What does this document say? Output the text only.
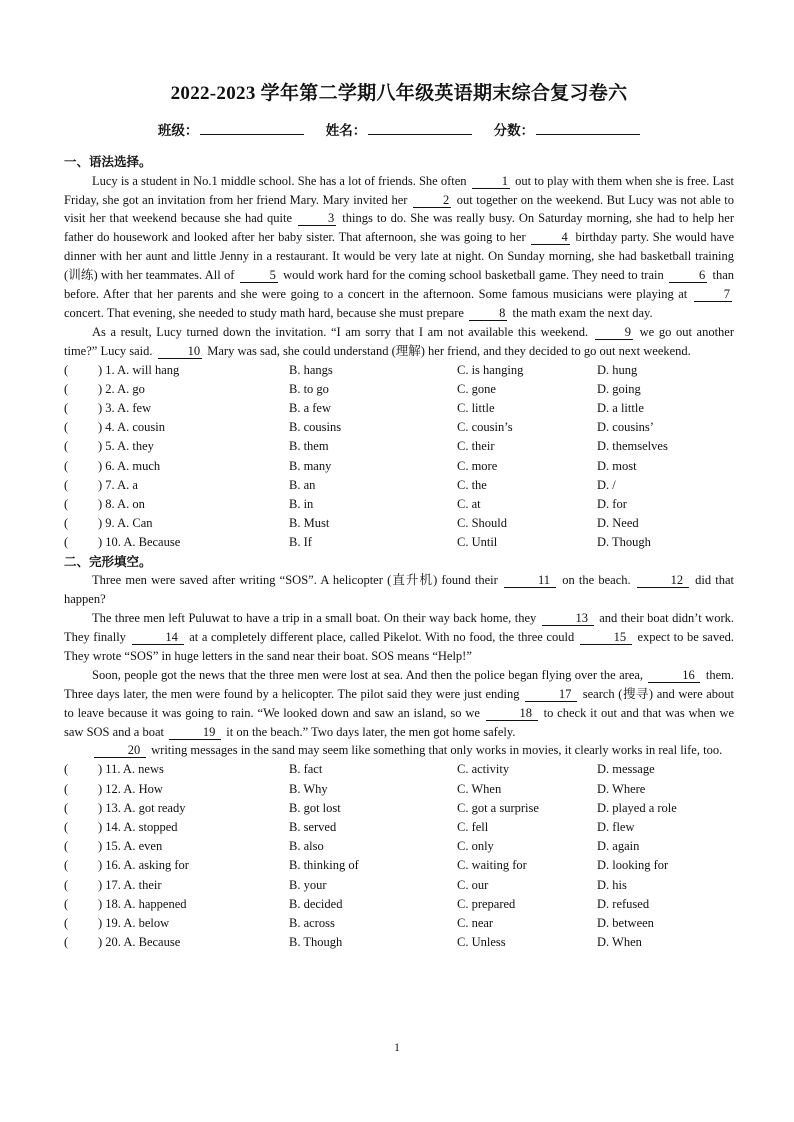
2022-2023 学年第二学期八年级英语期末综合复习卷六
班级：	姓名：	分数：
一、语法选择。

Lucy is a student in No.1 middle school. She has a lot of friends. She often	1 out to play with them when she is free. Last Friday, she got an invitation from her friend Mary. Mary invited her	2 out together on the weekend. But Lucy was not able to visit her that weekend because she had quite	3 things to do. She was really busy. On Saturday morning, she had to help her father do housework and looked after her baby sister. That afternoon, she was going to her	4 birthday party. She would have dinner with her aunt and little Jenny in a restaurant. It would be very late at night. On Sunday morning, she had basketball training (训练) with her teammates. All of	5 would work hard for the coming school basketball game. They need to train	6 than before. After that her parents and she were going to a concert in the afternoon. Some famous musicians were playing at	7 concert. That evening, she needed to study math hard, because she must prepare	8 the math exam the next day.

As a result, Lucy turned down the invitation. “I am sorry that I am not available this weekend.	9 we go out another time?” Lucy said.	10 Mary was sad, she could understand (理解) her friend, and they decided to go out next weekend.

( ) 1. A. will hang	B. hangs	C. is hanging	D. hung
( ) 2. A. go	B. to go	C. gone	D. going
( ) 3. A. few	B. a few	C. little	D. a little
( ) 4. A. cousin	B. cousins	C. cousin’s	D. cousins’
( ) 5. A. they	B. them	C. their	D. themselves
( ) 6. A. much	B. many	C. more	D. most
( ) 7. A. a	B. an	C. the	D. /
( ) 8. A. on	B. in	C. at	D. for
( ) 9. A. Can	B. Must	C. Should	D. Need
( ) 10. A. Because	B. If	C. Until	D. Though
二、完形填空。

Three men were saved after writing “SOS”. A helicopter (直升机) found their	11 on the beach.	12 did that happen?

The three men left Puluwat to have a trip in a small boat. On their way back home, they	13 and their boat didn’t work. They finally	14 at a completely different place, called Pikelot. With no food, the three could	15 expect to be saved. They wrote “SOS” in huge letters in the sand near their boat. SOS means “Help!”

Soon, people got the news that the three men were lost at sea. And then the police began flying over the area,	16 them. Three days later, the men were found by a helicopter. The pilot said they were just ending	17 search (搜寻) and were about to leave because it was going to rain. “We looked down and saw an island, so we	18 to check it out and that was when we saw SOS and a boat	19 it on the beach.” Two days later, the men got home safely.

20 writing messages in the sand may seem like something that only works in movies, it clearly works in real life, too.

( ) 11. A. news	B. fact	C. activity	D. message
( ) 12. A. How	B. Why	C. When	D. Where
( ) 13. A. got ready	B. got lost	C. got a surprise	D. played a role
( ) 14. A. stopped	B. served	C. fell	D. flew
( ) 15. A. even	B. also	C. only	D. again
( ) 16. A. asking for	B. thinking of	C. waiting for	D. looking for
( ) 17. A. their	B. your	C. our	D. his
( ) 18. A. happened	B. decided	C. prepared	D. refused
( ) 19. A. below	B. across	C. near	D. between
( ) 20. A. Because	B. Though	C. Unless	D. When
1
